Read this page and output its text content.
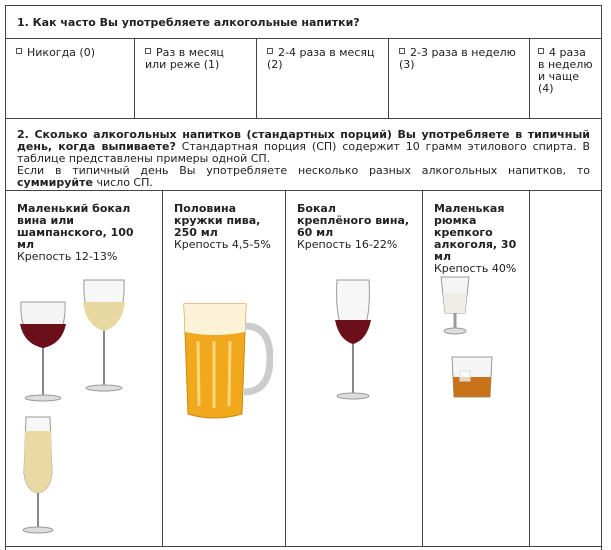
1. Как часто Вы употребляете алкогольные напитки?
Никогда (0)	Раз в месяц или реже (1)
2-4 раза в месяц (2)
2-3 раза в неделю (3)
4 раза в неделю и чаще (4)
2. Сколько алкогольных напитков (стандартных порций) Вы употребляете в типичный день, когда выпиваете? Стандартная порция (СП) содержит 10 грамм этилового спирта. В таблице представлены примеры одной СП.
Если в типичный день Вы употребляете несколько разных алкогольных напитков, то суммируйте число СП.
Маленький бокал вина или шампанского, 100 мл
Крепость 12-13%
Половина кружки пива, 250 мл
Крепость 4,5-5%
Бокал креплёного вина, 60 мл
Крепость 16-22%
Маленькая рюмка крепкого алкоголя, 30 мл
Крепость 40%
